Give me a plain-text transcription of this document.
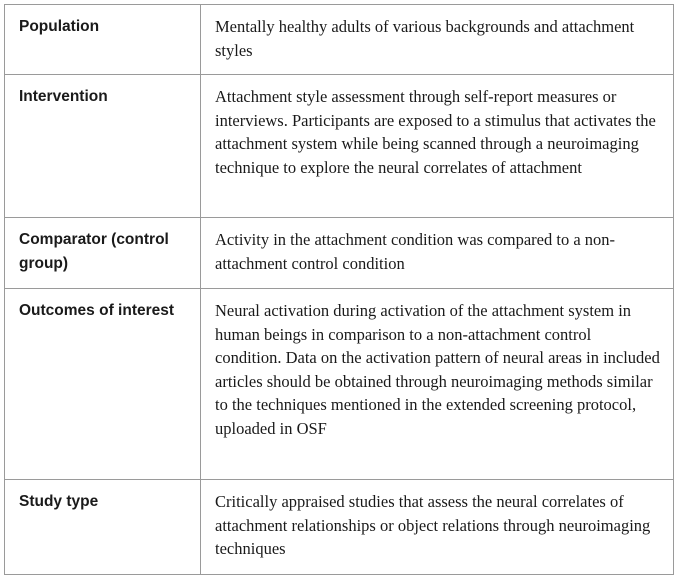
Population	Mentally healthy adults of various backgrounds and attachment styles
Intervention	Attachment style assessment through self-report measures or interviews. Participants are exposed to a stimulus that activates the attachment system while being scanned through a neuroimaging technique to explore the neural correlates of attachment
Comparator (control group)	Activity in the attachment condition was compared to a non-attachment control condition
Outcomes of interest	Neural activation during activation of the attachment system in human beings in comparison to a non-attachment control condition. Data on the activation pattern of neural areas in included articles should be obtained through neuroimaging methods similar to the techniques mentioned in the extended screening protocol, uploaded in OSF
Study type	Critically appraised studies that assess the neural correlates of attachment relationships or object relations through neuroimaging techniques
